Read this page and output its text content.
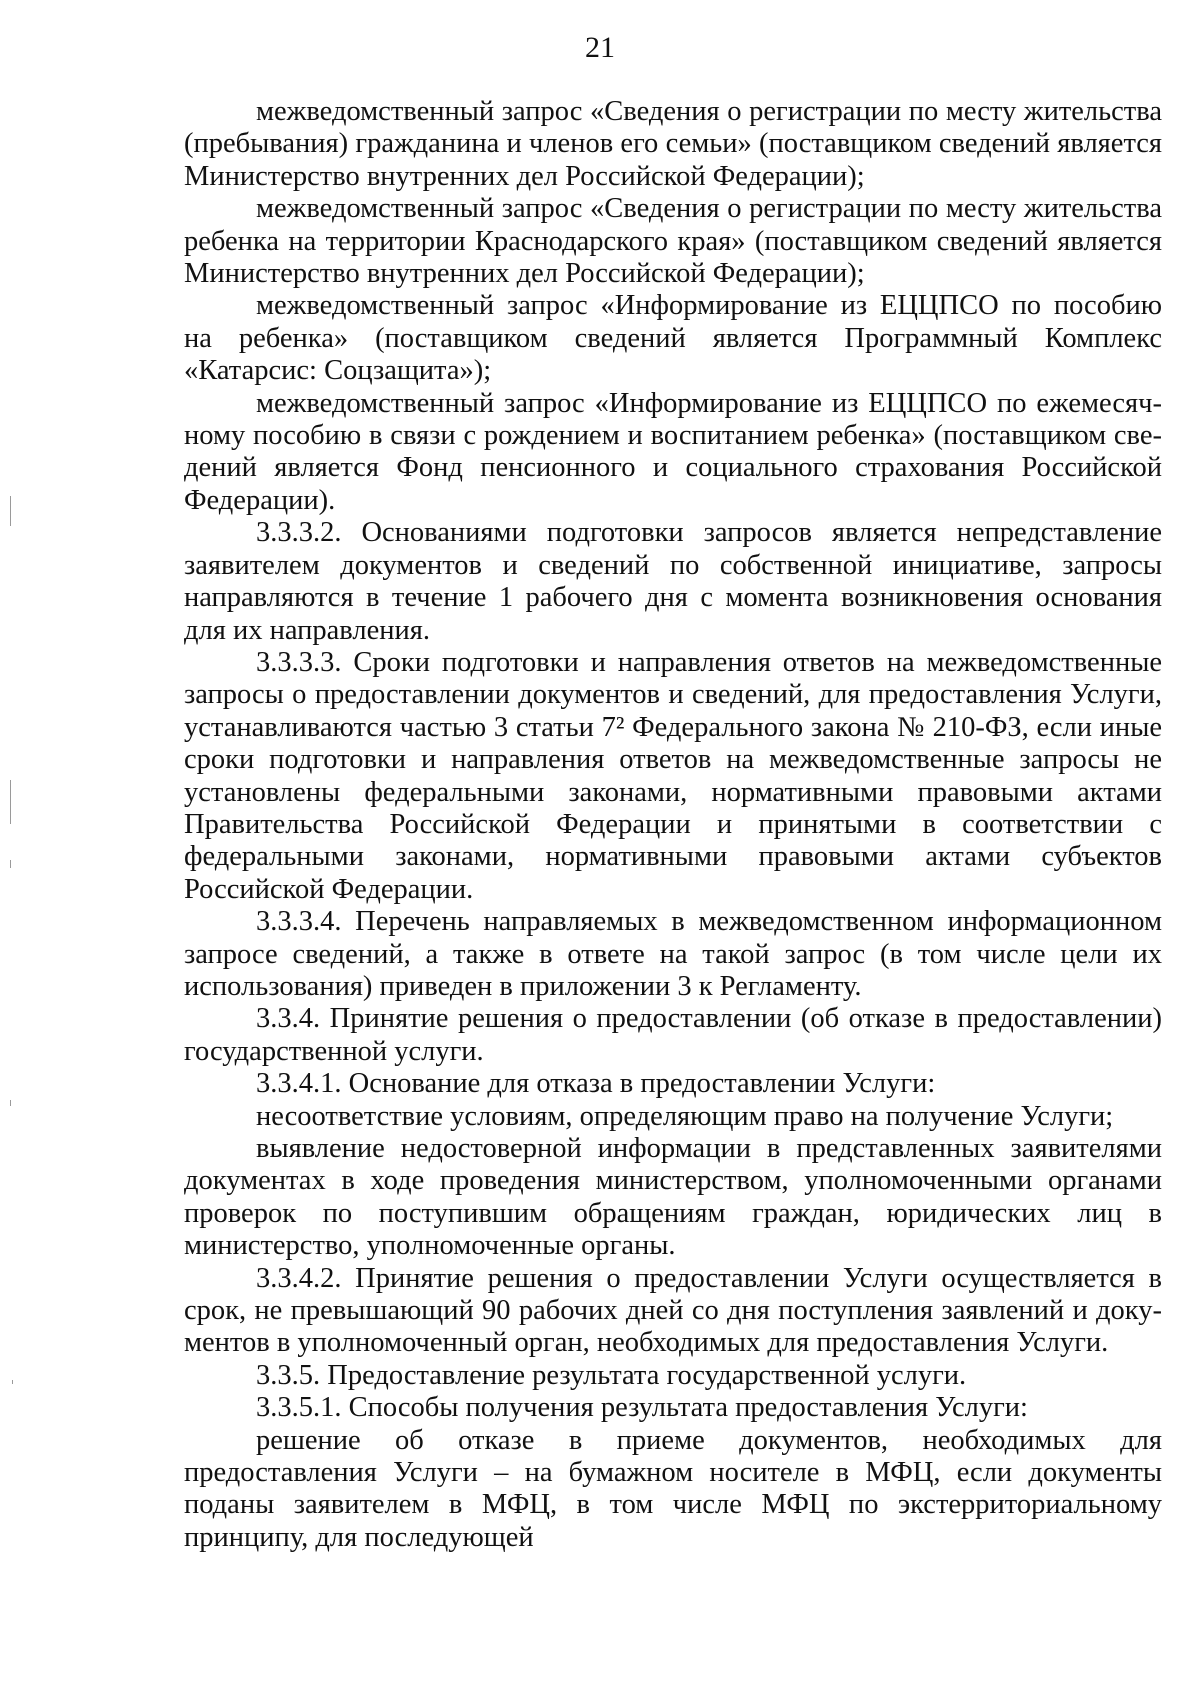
21

межведомственный запрос «Сведения о регистрации по месту жительства (пребывания) гражданина и членов его семьи» (поставщиком сведений является Министерство внутренних дел Российской Федерации);

межведомственный запрос «Сведения о регистрации по месту жительства ребенка на территории Краснодарского края» (поставщиком сведений является Министерство внутренних дел Российской Федерации);

межведомственный запрос «Информирование из ЕЦЦПСО по пособию на ребенка» (поставщиком сведений является Программный Комплекс «Катарсис: Соцзащита»);

межведомственный запрос «Информирование из ЕЦЦПСО по ежемесячному пособию в связи с рождением и воспитанием ребенка» (поставщиком сведений является Фонд пенсионного и социального страхования Российской Федерации).

3.3.3.2. Основаниями подготовки запросов является непредставление заявителем документов и сведений по собственной инициативе, запросы направляются в течение 1 рабочего дня с момента возникновения основания для их направления.

3.3.3.3. Сроки подготовки и направления ответов на межведомственные запросы о предоставлении документов и сведений, для предоставления Услуги, устанавливаются частью 3 статьи 7² Федерального закона № 210-ФЗ, если иные сроки подготовки и направления ответов на межведомственные запросы не установлены федеральными законами, нормативными правовыми актами Правительства Российской Федерации и принятыми в соответствии с федеральными законами, нормативными правовыми актами субъектов Российской Федерации.

3.3.3.4. Перечень направляемых в межведомственном информационном запросе сведений, а также в ответе на такой запрос (в том числе цели их использования) приведен в приложении 3 к Регламенту.

3.3.4. Принятие решения о предоставлении (об отказе в предоставлении) государственной услуги.

3.3.4.1. Основание для отказа в предоставлении Услуги:

несоответствие условиям, определяющим право на получение Услуги;

выявление недостоверной информации в представленных заявителями документах в ходе проведения министерством, уполномоченными органами проверок по поступившим обращениям граждан, юридических лиц в министерство, уполномоченные органы.

3.3.4.2. Принятие решения о предоставлении Услуги осуществляется в срок, не превышающий 90 рабочих дней со дня поступления заявлений и документов в уполномоченный орган, необходимых для предоставления Услуги.

3.3.5. Предоставление результата государственной услуги.

3.3.5.1. Способы получения результата предоставления Услуги:

решение об отказе в приеме документов, необходимых для предоставления Услуги – на бумажном носителе в МФЦ, если документы поданы заявителем в МФЦ, в том числе МФЦ по экстерриториальному принципу, для последующей
